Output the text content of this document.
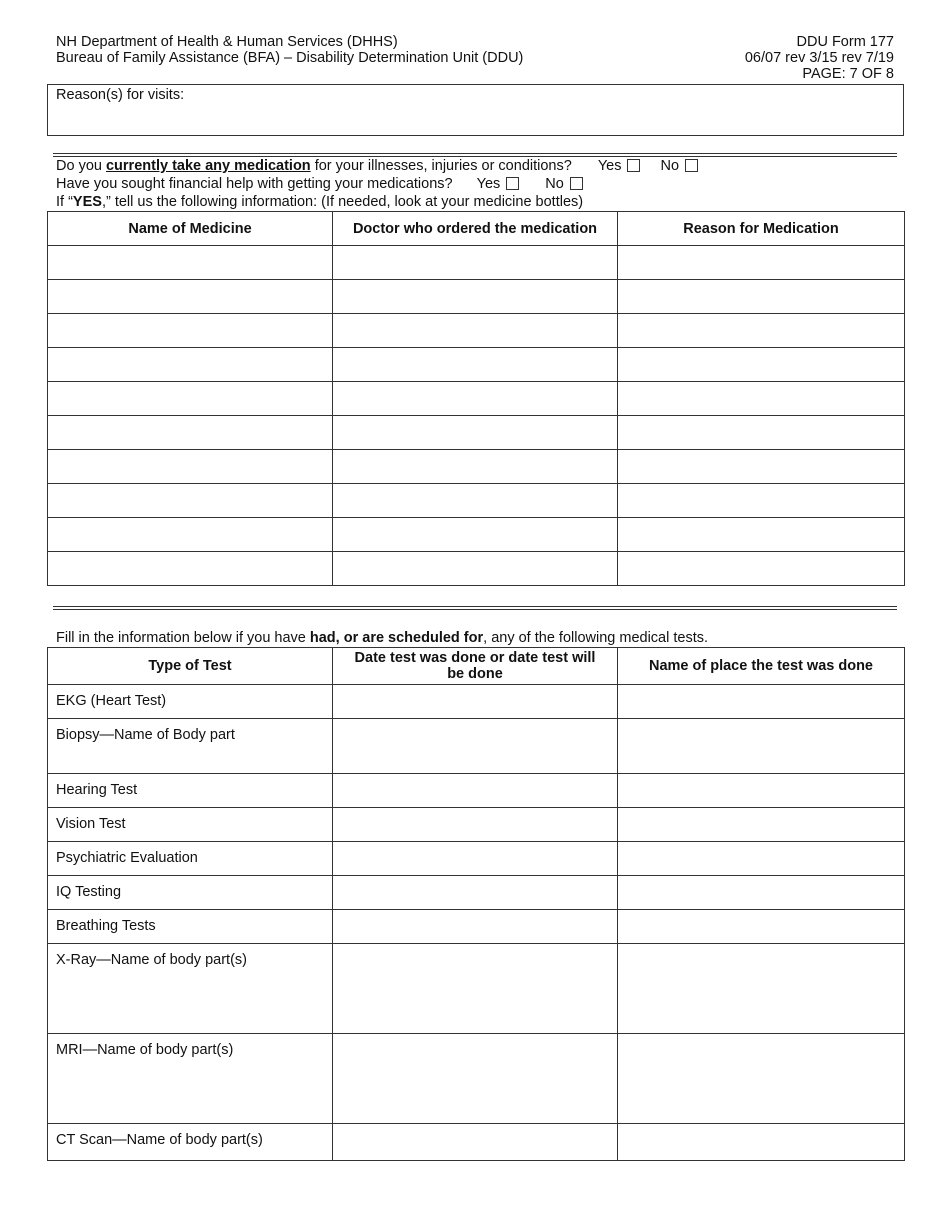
NH Department of Health & Human Services (DHHS)
Bureau of Family Assistance (BFA) – Disability Determination Unit (DDU)
DDU Form 177
06/07 rev 3/15 rev 7/19
PAGE: 7 OF 8
Reason(s) for visits:
Do you currently take any medication for your illnesses, injuries or conditions? Yes	No
Have you sought financial help with getting your medications? Yes	No
If “YES,” tell us the following information: (If needed, look at your medicine bottles)
Name of Medicine	Doctor who ordered the medication	Reason for Medication

Fill in the information below if you have had, or are scheduled for, any of the following medical tests.
Type of Test	Date test was done or date test will be done	Name of place the test was done
EKG (Heart Test)		
Biopsy—Name of Body part		
Hearing Test		
Vision Test		
Psychiatric Evaluation		
IQ Testing		
Breathing Tests		
X-Ray—Name of body part(s)		
MRI—Name of body part(s)		
CT Scan—Name of body part(s)		
